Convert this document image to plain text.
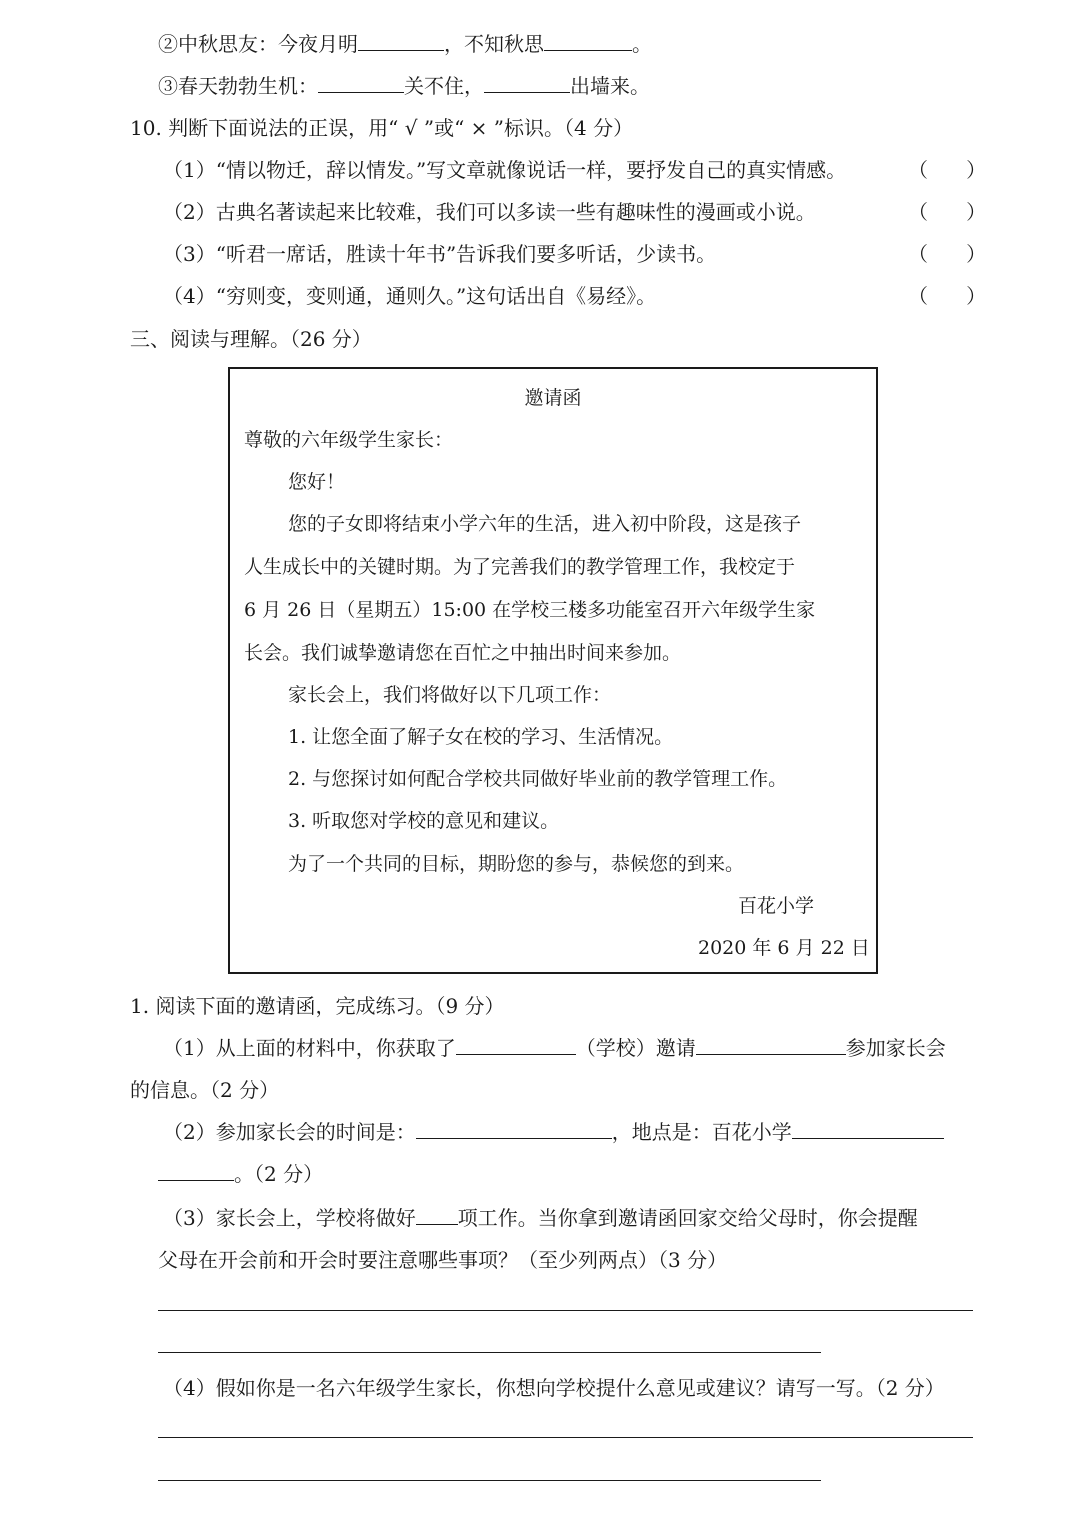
②中秋思友：今夜月明	，不知秋思	。
③春天勃勃生机：	关不住，	出墙来。
10. 判断下面说法的正误，用“ √ ”或“ × ”标识。（4 分）
（1）“情以物迁，辞以情发。”写文章就像说话一样，要抒发自己的真实情感。	（      ）
（2）古典名著读起来比较难，我们可以多读一些有趣味性的漫画或小说。	（      ）
（3）“听君一席话，胜读十年书”告诉我们要多听话，少读书。	（      ）
（4）“穷则变，变则通，通则久。”这句话出自《易经》。	（      ）
三、阅读与理解。（26 分）
邀请函
尊敬的六年级学生家长：
您好！
您的子女即将结束小学六年的生活，进入初中阶段，这是孩子
人生成长中的关键时期。为了完善我们的教学管理工作，我校定于
6 月 26 日（星期五）15:00 在学校三楼多功能室召开六年级学生家
长会。我们诚挚邀请您在百忙之中抽出时间来参加。
家长会上，我们将做好以下几项工作：
1. 让您全面了解子女在校的学习、生活情况。
2. 与您探讨如何配合学校共同做好毕业前的教学管理工作。
3. 听取您对学校的意见和建议。
为了一个共同的目标，期盼您的参与，恭候您的到来。
百花小学
2020 年 6 月 22 日
1. 阅读下面的邀请函，完成练习。（9 分）
（1）从上面的材料中，你获取了	（学校）邀请	参加家长会
的信息。（2 分）
（2）参加家长会的时间是：	，地点是：百花小学
。（2 分）
（3）家长会上，学校将做好 项工作。当你拿到邀请函回家交给父母时，你会提醒
父母在开会前和开会时要注意哪些事项？（至少列两点）（3 分）
（4）假如你是一名六年级学生家长，你想向学校提什么意见或建议？请写一写。（2 分）
